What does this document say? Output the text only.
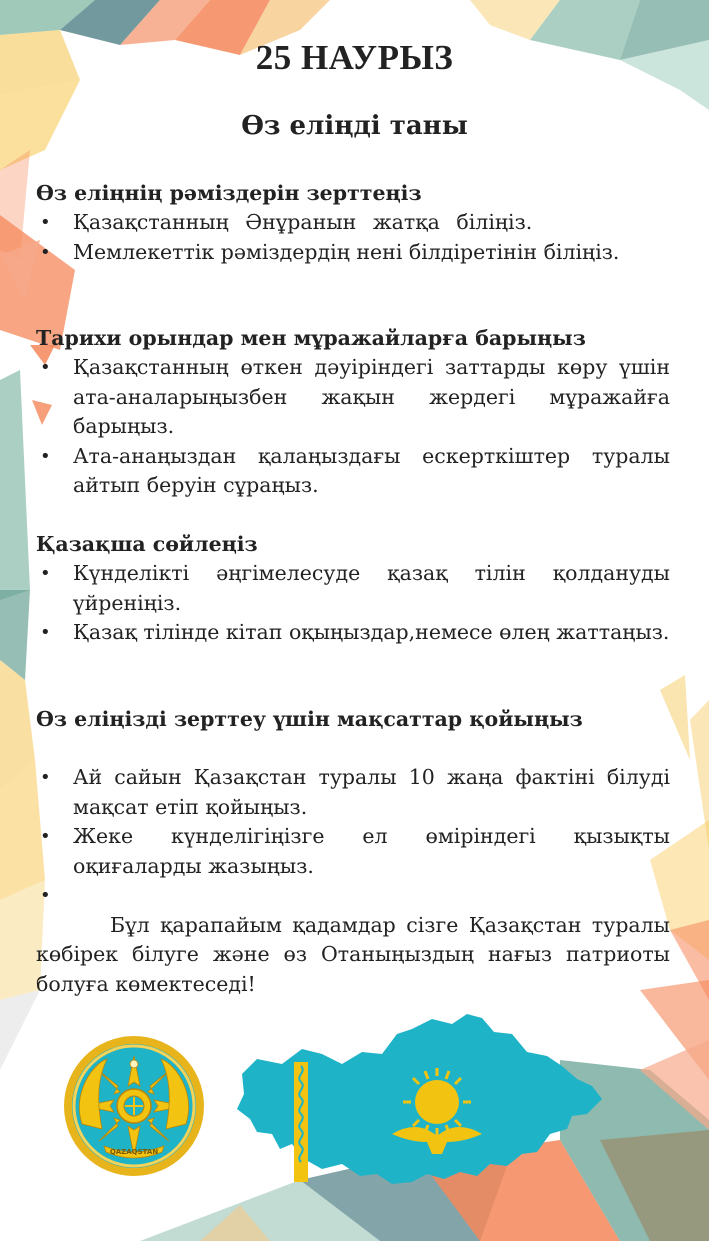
25 НАУРЫЗ
Өз еліңді таны

Өз еліңнің рәміздерін зерттеңіз

• Қазақстанның Әнұранын жатқа біліңіз.
• Мемлекеттік рәміздердің нені білдіретінін біліңіз.

Тарихи орындар мен мұражайларға барыңыз

• Қазақстанның өткен дәуіріндегі заттарды көру үшін ата-аналарыңызбен жақын жердегі мұражайға барыңыз.
• Ата-анаңыздан қалаңыздағы ескерткіштер туралы айтып беруін сұраңыз.

Қазақша сөйлеңіз

• Күнделікті әңгімелесуде қазақ тілін қолдануды үйреніңіз.
• Қазақ тілінде кітап оқыңыздар,немесе өлең жаттаңыз.

Өз еліңізді зерттеу үшін мақсаттар қойыңыз

• Ай сайын Қазақстан туралы 10 жаңа фактіні білуді мақсат етіп қойыңыз.
• Жеке күнделігіңізге ел өміріндегі қызықты оқиғаларды жазыңыз.
•

Бұл қарапайым қадамдар сізге Қазақстан туралы көбірек білуге және өз Отаныңыздың нағыз патриоты болуға көмектеседі!

QAZAQSTAN
